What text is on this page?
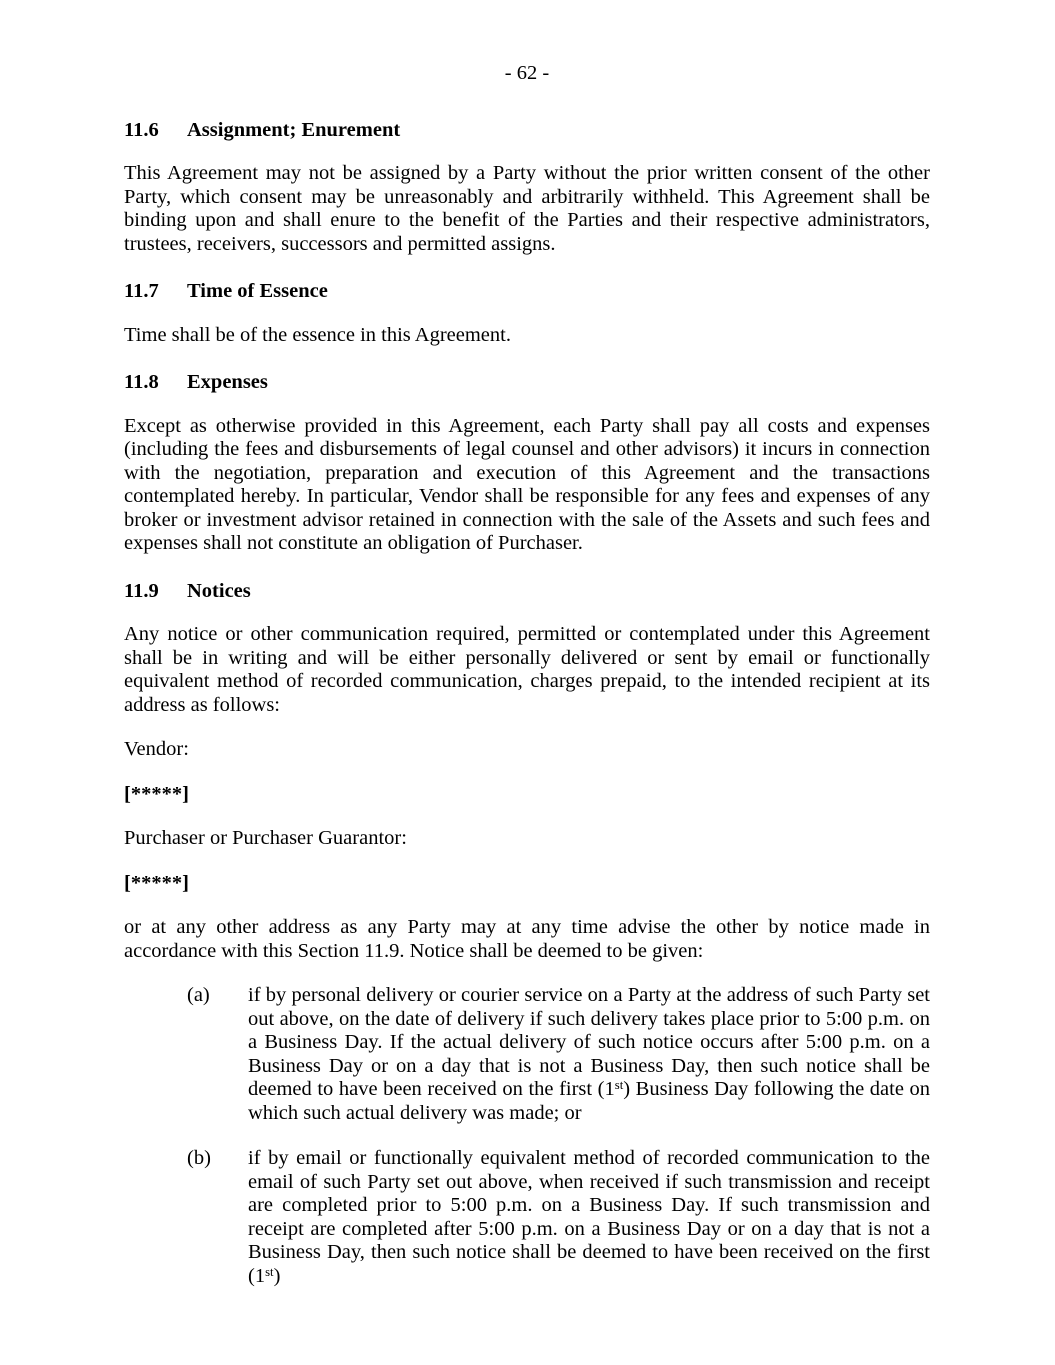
- 62 -
11.6 Assignment; Enurement

This Agreement may not be assigned by a Party without the prior written consent of the other Party, which consent may be unreasonably and arbitrarily withheld. This Agreement shall be binding upon and shall enure to the benefit of the Parties and their respective administrators, trustees, receivers, successors and permitted assigns.

11.7 Time of Essence

Time shall be of the essence in this Agreement.

11.8 Expenses

Except as otherwise provided in this Agreement, each Party shall pay all costs and expenses (including the fees and disbursements of legal counsel and other advisors) it incurs in connection with the negotiation, preparation and execution of this Agreement and the transactions contemplated hereby. In particular, Vendor shall be responsible for any fees and expenses of any broker or investment advisor retained in connection with the sale of the Assets and such fees and expenses shall not constitute an obligation of Purchaser.

11.9 Notices

Any notice or other communication required, permitted or contemplated under this Agreement shall be in writing and will be either personally delivered or sent by email or functionally equivalent method of recorded communication, charges prepaid, to the intended recipient at its address as follows:

Vendor:

[*****]

Purchaser or Purchaser Guarantor:

[*****]

or at any other address as any Party may at any time advise the other by notice made in accordance with this Section 11.9. Notice shall be deemed to be given:

(a) if by personal delivery or courier service on a Party at the address of such Party set out above, on the date of delivery if such delivery takes place prior to 5:00 p.m. on a Business Day. If the actual delivery of such notice occurs after 5:00 p.m. on a Business Day or on a day that is not a Business Day, then such notice shall be deemed to have been received on the first (1st) Business Day following the date on which such actual delivery was made; or
(b) if by email or functionally equivalent method of recorded communication to the email of such Party set out above, when received if such transmission and receipt are completed prior to 5:00 p.m. on a Business Day. If such transmission and receipt are completed after 5:00 p.m. on a Business Day or on a day that is not a Business Day, then such notice shall be deemed to have been received on the first (1st)
